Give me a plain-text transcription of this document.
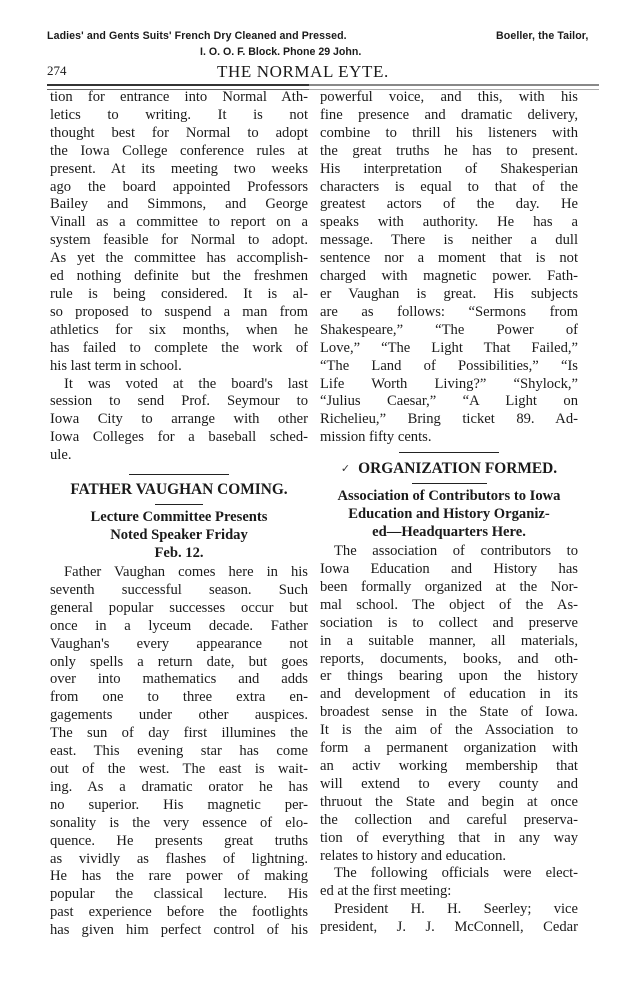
Ladies' and Gents Suits' French Dry Cleaned and Pressed.	Boeller, the Tailor,
I. O. O. F. Block. Phone 29 John.
274	THE NORMAL EYTE.
tion for entrance into Normal Ath-
letics to writing. It is not
thought best for Normal to adopt
the Iowa College conference rules at
present. At its meeting two weeks
ago the board appointed Professors
Bailey and Simmons, and George
Vinall as a committee to report on a
system feasible for Normal to adopt.
As yet the committee has accomplish-
ed nothing definite but the freshmen
rule is being considered. It is al-
so proposed to suspend a man from
athletics for six months, when he
has failed to complete the work of
his last term in school.
It was voted at the board's last
session to send Prof. Seymour to
Iowa City to arrange with other
Iowa Colleges for a baseball sched-
ule.
FATHER VAUGHAN COMING.
Lecture Committee Presents
Noted Speaker Friday
Feb. 12.
Father Vaughan comes here in his
seventh successful season. Such
general popular successes occur but
once in a lyceum decade. Father
Vaughan's every appearance not
only spells a return date, but goes
over into mathematics and adds
from one to three extra en-
gagements under other auspices.
The sun of day first illumines the
east. This evening star has come
out of the west. The east is wait-
ing. As a dramatic orator he has
no superior. His magnetic per-
sonality is the very essence of elo-
quence. He presents great truths
as vividly as flashes of lightning.
He has the rare power of making
popular the classical lecture. His
past experience before the footlights
has given him perfect control of his
powerful voice, and this, with his
fine presence and dramatic delivery,
combine to thrill his listeners with
the great truths he has to present.
His interpretation of Shakesperian
characters is equal to that of the
greatest actors of the day. He
speaks with authority. He has a
message. There is neither a dull
sentence nor a moment that is not
charged with magnetic power. Fath-
er Vaughan is great. His subjects
are as follows: “Sermons from
Shakespeare,” “The Power of
Love,” “The Light That Failed,”
“The Land of Possibilities,” “Is
Life Worth Living?” “Shylock,”
“Julius Caesar,” “A Light on
Richelieu,” Bring ticket 89. Ad-
mission fifty cents.
✓ ORGANIZATION FORMED.
Association of Contributors to Iowa
Education and History Organiz-
ed—Headquarters Here.
The association of contributors to
Iowa Education and History has
been formally organized at the Nor-
mal school. The object of the As-
sociation is to collect and preserve
in a suitable manner, all materials,
reports, documents, books, and oth-
er things bearing upon the history
and development of education in its
broadest sense in the State of Iowa.
It is the aim of the Association to
form a permanent organization with
an activ working membership that
will extend to every county and
thruout the State and begin at once
the collection and careful preserva-
tion of everything that in any way
relates to history and education.
The following officials were elect-
ed at the first meeting:
President H. H. Seerley; vice
president, J. J. McConnell, Cedar
